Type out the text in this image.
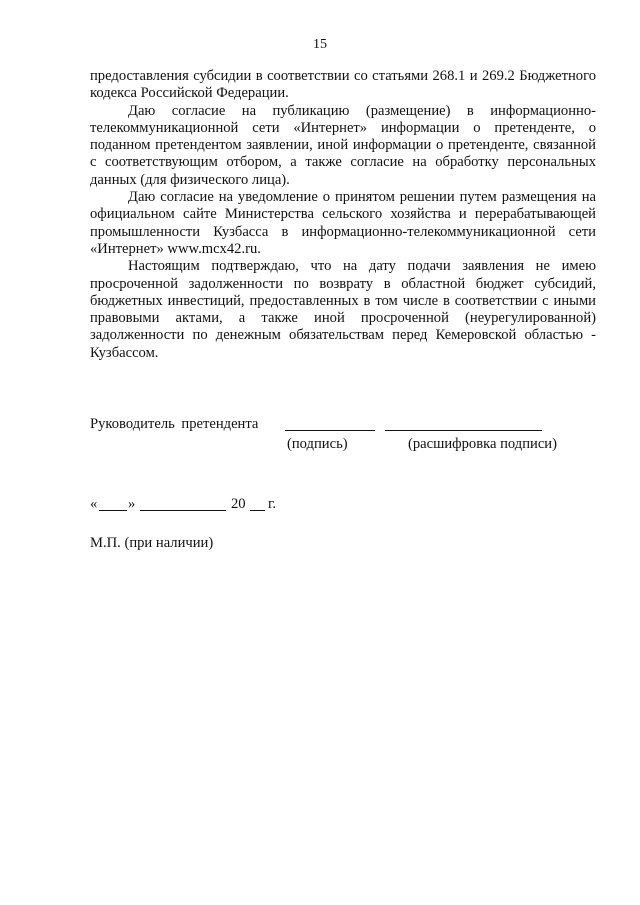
15

предоставления субсидии в соответствии со статьями 268.1 и 269.2 Бюджетного кодекса Российской Федерации.

Даю согласие на публикацию (размещение) в информационно-телекоммуникационной сети «Интернет» информации о претенденте, о поданном претендентом заявлении, иной информации о претенденте, связанной с соответствующим отбором, а также согласие на обработку персональных данных (для физического лица).

Даю согласие на уведомление о принятом решении путем размещения на официальном сайте Министерства сельского хозяйства и перерабатывающей промышленности Кузбасса в информационно-телекоммуникационной сети «Интернет» www.mcx42.ru.

Настоящим подтверждаю, что на дату подачи заявления не имею просроченной задолженности по возврату в областной бюджет субсидий, бюджетных инвестиций, предоставленных в том числе в соответствии с иными правовыми актами, а также иной просроченной (неурегулированной) задолженности по денежным обязательствам перед Кемеровской областью - Кузбассом.

Руководитель претендента
(подпись)	(расшифровка подписи)
« »	20 г.
М.П. (при наличии)
